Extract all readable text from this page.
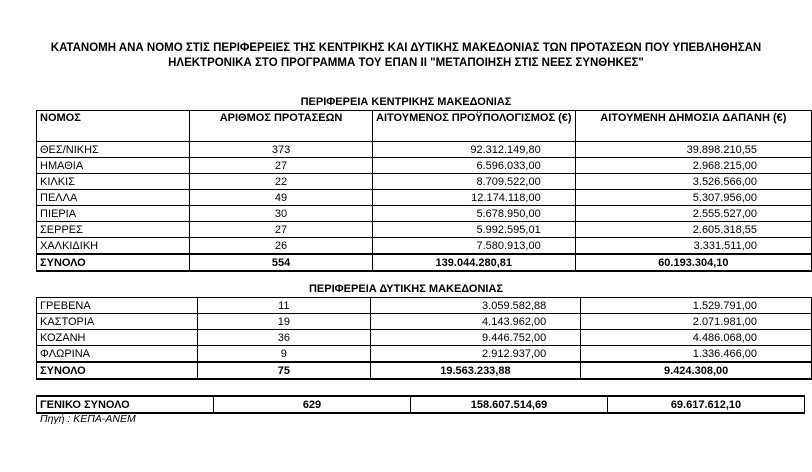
ΚΑΤΑΝΟΜΗ ΑΝΑ ΝΟΜΟ ΣΤΙΣ ΠΕΡΙΦΕΡΕΙΕΣ ΤΗΣ ΚΕΝΤΡΙΚΗΣ ΚΑΙ ΔΥΤΙΚΗΣ ΜΑΚΕΔΟΝΙΑΣ ΤΩΝ ΠΡΟΤΑΣΕΩΝ ΠΟΥ ΥΠΕΒΛΗΘΗΣΑΝ
ΗΛΕΚΤΡΟΝΙΚΑ ΣΤΟ ΠΡΟΓΡΑΜΜΑ ΤΟΥ ΕΠΑΝ ΙΙ "ΜΕΤΑΠΟΙΗΣΗ ΣΤΙΣ ΝΕΕΣ ΣΥΝΘΗΚΕΣ"
ΠΕΡΙΦΕΡΕΙΑ ΚΕΝΤΡΙΚΗΣ ΜΑΚΕΔΟΝΙΑΣ
ΝΟΜΟΣ	ΑΡΙΘΜΟΣ ΠΡΟΤΑΣΕΩΝ	ΑΙΤΟΥΜΕΝΟΣ ΠΡΟΫΠΟΛΟΓΙΣΜΟΣ (€)	ΑΙΤΟΥΜΕΝΗ ΔΗΜΟΣΙΑ ΔΑΠΑΝΗ (€)
ΘΕΣ/ΝΙΚΗΣ	373	92.312.149,80	39.898.210,55
ΗΜΑΘΙΑ	27	6.596.033,00	2.968.215,00
ΚΙΛΚΙΣ	22	8.709.522,00	3.526.566,00
ΠΕΛΛΑ	49	12.174.118,00	5.307.956,00
ΠΙΕΡΙΑ	30	5.678.950,00	2.555.527,00
ΣΕΡΡΕΣ	27	5.992.595,01	2.605.318,55
ΧΑΛΚΙΔΙΚΗ	26	7.580.913,00	3.331.511,00
ΣΥΝΟΛΟ	554	139.044.280,81	60.193.304,10
ΠΕΡΙΦΕΡΕΙΑ ΔΥΤΙΚΗΣ ΜΑΚΕΔΟΝΙΑΣ
ΓΡΕΒΕΝΑ	11	3.059.582,88	1.529.791,00
ΚΑΣΤΟΡΙΑ	19	4.143.962,00	2.071.981,00
ΚΟΖΑΝΗ	36	9.446.752,00	4.486.068,00
ΦΛΩΡΙΝΑ	9	2.912.937,00	1.336.466,00
ΣΥΝΟΛΟ	75	19.563.233,88	9.424.308,00
ΓΕΝΙΚΟ ΣΥΝΟΛΟ	629	158.607.514,69	69.617.612,10
Πηγή : ΚΕΠΑ-ΑΝΕΜ
